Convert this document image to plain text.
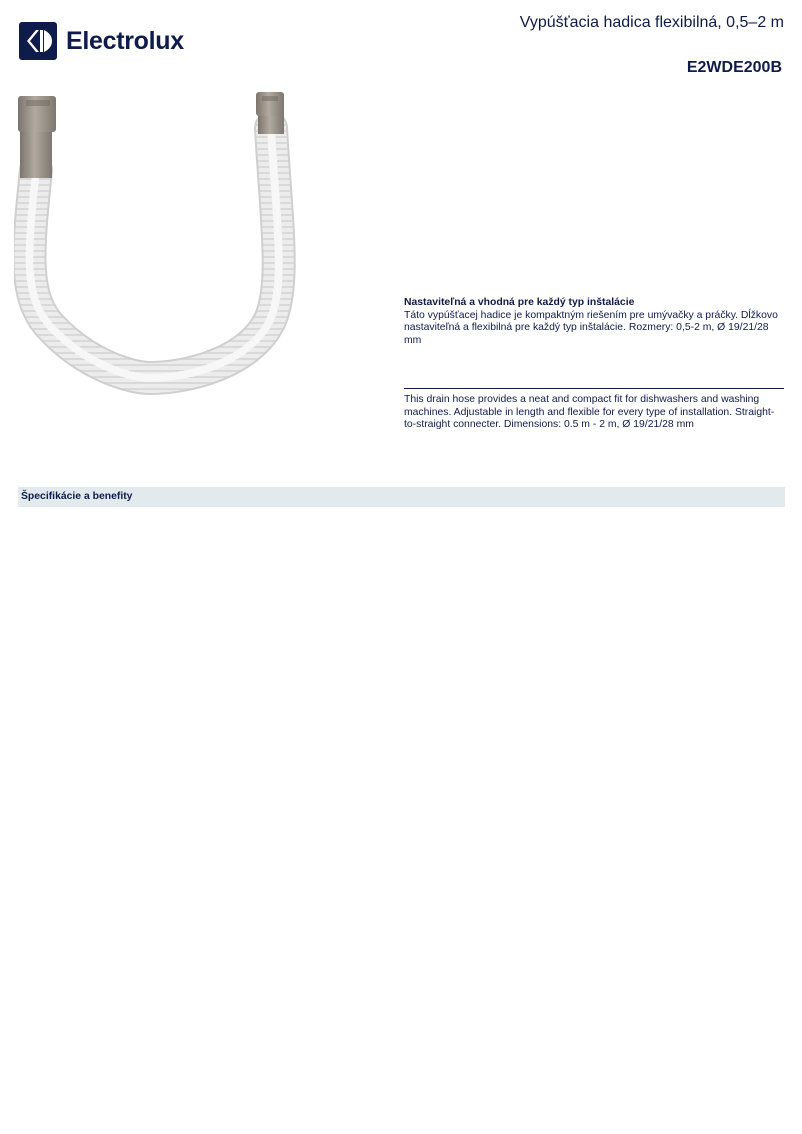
Electrolux
Vypúšťacia hadica flexibilná, 0,5–2 m
E2WDE200B
Nastaviteľná a vhodná pre každý typ inštalácie
Táto vypúšťacej hadice je kompaktným riešením pre umývačky a práčky. Dĺžkovo nastaviteľná a flexibilná pre každý typ inštalácie. Rozmery: 0,5-2 m, Ø 19/21/28 mm
This drain hose provides a neat and compact fit for dishwashers and washing machines. Adjustable in length and flexible for every type of installation. Straight-to-straight connecter. Dimensions: 0.5 m - 2 m, Ø 19/21/28 mm
Špecifikácie a benefity
